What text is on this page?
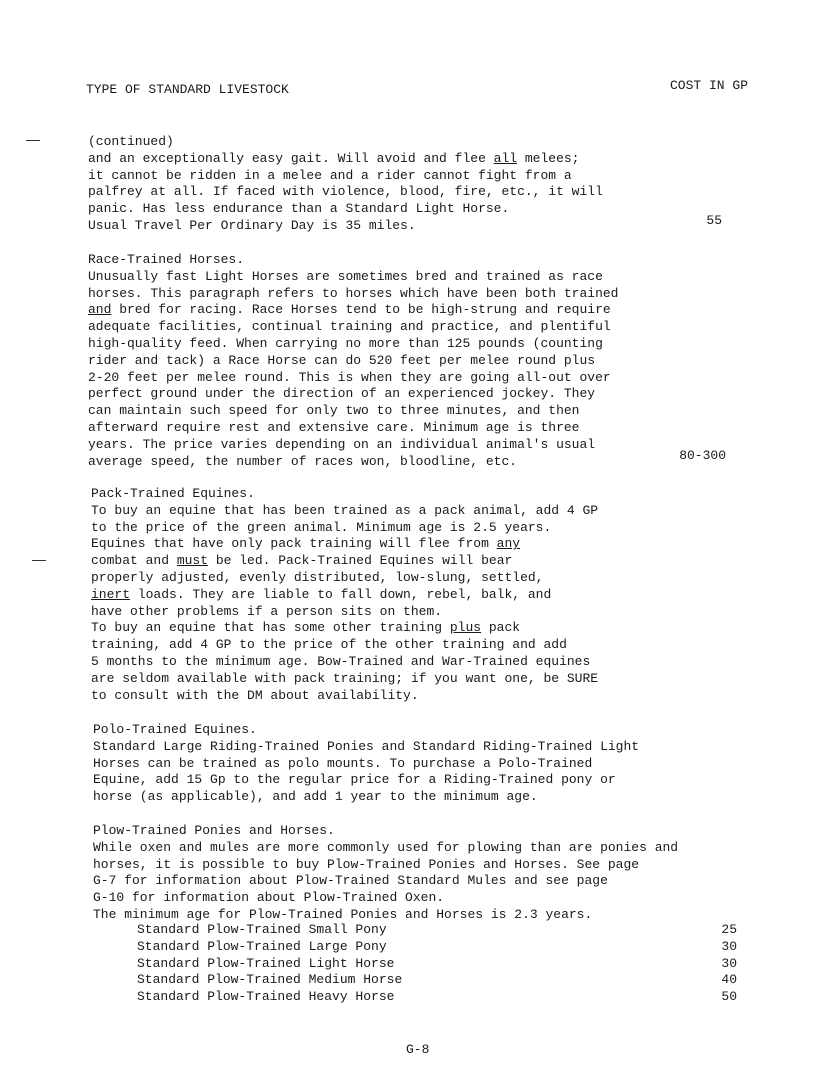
TYPE OF STANDARD LIVESTOCK	COST IN GP
(continued)
and an exceptionally easy gait. Will avoid and flee all melees;
it cannot be ridden in a melee and a rider cannot fight from a
palfrey at all. If faced with violence, blood, fire, etc., it will
panic. Has less endurance than a Standard Light Horse.
Usual Travel Per Ordinary Day is 35 miles.	55
Race-Trained Horses.
Unusually fast Light Horses are sometimes bred and trained as race
horses. This paragraph refers to horses which have been both trained
and bred for racing. Race Horses tend to be high-strung and require
adequate facilities, continual training and practice, and plentiful
high-quality feed. When carrying no more than 125 pounds (counting
rider and tack) a Race Horse can do 520 feet per melee round plus
2-20 feet per melee round. This is when they are going all-out over
perfect ground under the direction of an experienced jockey. They
can maintain such speed for only two to three minutes, and then
afterward require rest and extensive care. Minimum age is three
years. The price varies depending on an individual animal's usual
average speed, the number of races won, bloodline, etc.	80-300
Pack-Trained Equines.
To buy an equine that has been trained as a pack animal, add 4 GP
to the price of the green animal. Minimum age is 2.5 years.
Equines that have only pack training will flee from any
combat and must be led. Pack-Trained Equines will bear
properly adjusted, evenly distributed, low-slung, settled,
inert loads. They are liable to fall down, rebel, balk, and
have other problems if a person sits on them.
To buy an equine that has some other training plus pack
training, add 4 GP to the price of the other training and add
5 months to the minimum age. Bow-Trained and War-Trained equines
are seldom available with pack training; if you want one, be SURE
to consult with the DM about availability.
Polo-Trained Equines.
Standard Large Riding-Trained Ponies and Standard Riding-Trained Light
Horses can be trained as polo mounts. To purchase a Polo-Trained
Equine, add 15 Gp to the regular price for a Riding-Trained pony or
horse (as applicable), and add 1 year to the minimum age.
Plow-Trained Ponies and Horses.
While oxen and mules are more commonly used for plowing than are ponies and
horses, it is possible to buy Plow-Trained Ponies and Horses. See page
G-7 for information about Plow-Trained Standard Mules and see page
G-10 for information about Plow-Trained Oxen.
The minimum age for Plow-Trained Ponies and Horses is 2.3 years.
Standard Plow-Trained Small Pony	25
Standard Plow-Trained Large Pony	30
Standard Plow-Trained Light Horse	30
Standard Plow-Trained Medium Horse	40
Standard Plow-Trained Heavy Horse	50
G-8
